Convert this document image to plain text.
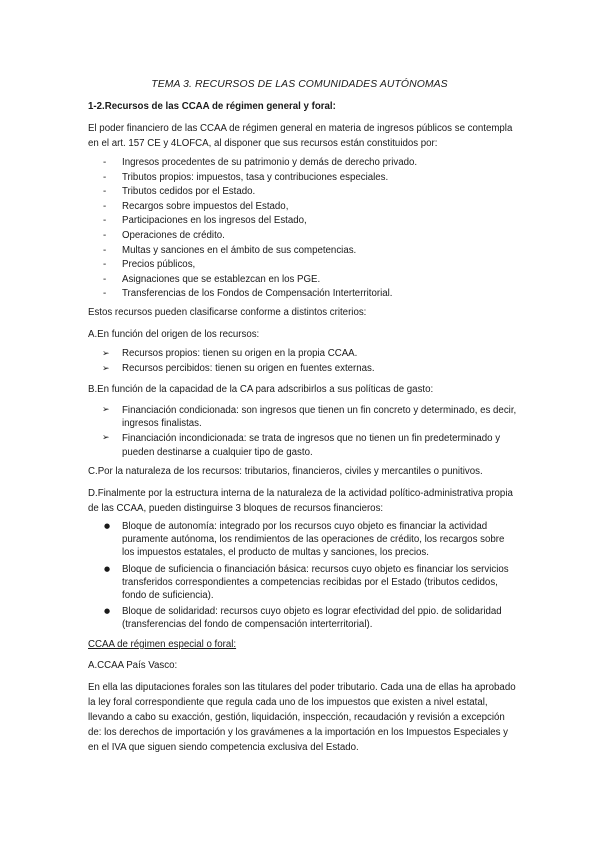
TEMA 3. RECURSOS DE LAS COMUNIDADES AUTÓNOMAS

1-2.Recursos de las CCAA de régimen general y foral:

El poder financiero de las CCAA de régimen general en materia de ingresos públicos se contempla en el art. 157 CE y 4LOFCA, al disponer que sus recursos están constituidos por:

- Ingresos procedentes de su patrimonio y demás de derecho privado.
- Tributos propios: impuestos, tasa y contribuciones especiales.
- Tributos cedidos por el Estado.
- Recargos sobre impuestos del Estado,
- Participaciones en los ingresos del Estado,
- Operaciones de crédito.
- Multas y sanciones en el ámbito de sus competencias.
- Precios públicos,
- Asignaciones que se establezcan en los PGE.
- Transferencias de los Fondos de Compensación Interterritorial.

Estos recursos pueden clasificarse conforme a distintos criterios:

A.En función del origen de los recursos:

➢ Recursos propios: tienen su origen en la propia CCAA.
➢ Recursos percibidos: tienen su origen en fuentes externas.

B.En función de la capacidad de la CA para adscribirlos a sus políticas de gasto:

➢ Financiación condicionada: son ingresos que tienen un fin concreto y determinado, es decir, ingresos finalistas.
➢ Financiación incondicionada: se trata de ingresos que no tienen un fin predeterminado y pueden destinarse a cualquier tipo de gasto.

C.Por la naturaleza de los recursos: tributarios, financieros, civiles y mercantiles o punitivos.

D.Finalmente por la estructura interna de la naturaleza de la actividad político-administrativa propia de las CCAA, pueden distinguirse 3 bloques de recursos financieros:

● Bloque de autonomía: integrado por los recursos cuyo objeto es financiar la actividad puramente autónoma, los rendimientos de las operaciones de crédito, los recargos sobre los impuestos estatales, el producto de multas y sanciones, los precios.
● Bloque de suficiencia o financiación básica: recursos cuyo objeto es financiar los servicios transferidos correspondientes a competencias recibidas por el Estado (tributos cedidos, fondo de suficiencia).
● Bloque de solidaridad: recursos cuyo objeto es lograr efectividad del ppio. de solidaridad (transferencias del fondo de compensación interterritorial).

CCAA de régimen especial o foral:

A.CCAA País Vasco:

En ella las diputaciones forales son las titulares del poder tributario. Cada una de ellas ha aprobado la ley foral correspondiente que regula cada uno de los impuestos que existen a nivel estatal, llevando a cabo su exacción, gestión, liquidación, inspección, recaudación y revisión a excepción de: los derechos de importación y los gravámenes a la importación en los Impuestos Especiales y en el IVA que siguen siendo competencia exclusiva del Estado.
